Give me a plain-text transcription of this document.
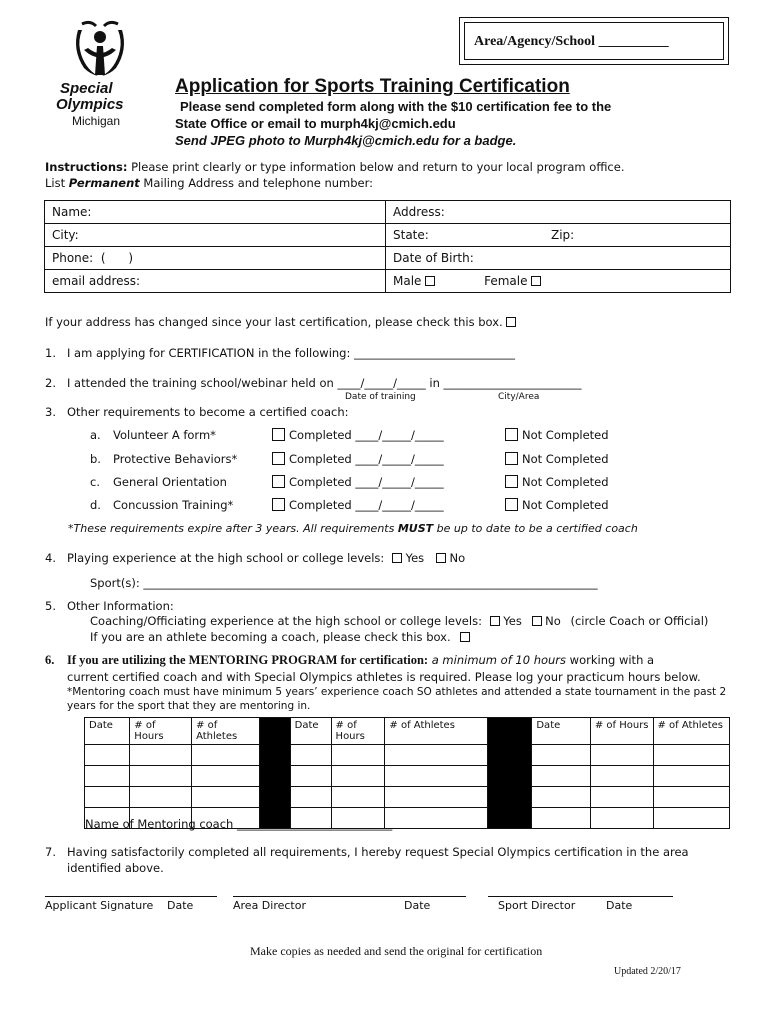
Area/Agency/School __________
Special
Olympics
Michigan
Application for Sports Training Certification
Please send completed form along with the $10 certification fee to the
State Office or email to murph4kj@cmich.edu
Send JPEG photo to Murph4kj@cmich.edu for a badge.
Instructions: Please print clearly or type information below and return to your local program office.
List Permanent Mailing Address and telephone number:
Name:	Address:
City:	State: Zip:

Phone:  (      )	Date of Birth:
email address:	Male Female
If your address has changed since your last certification, please check this box.
1. I am applying for CERTIFICATION in the following: ____________________________
2. I attended the training school/webinar held on ____/_____/_____ in ________________________
Date of training	City/Area
3. Other requirements to become a certified coach:
a. Volunteer A form*	Completed ____/_____/_____	Not Completed
b. Protective Behaviors*	Completed ____/_____/_____	Not Completed
c. General Orientation	Completed ____/_____/_____	Not Completed
d. Concussion Training*	Completed ____/_____/_____	Not Completed
*These requirements expire after 3 years. All requirements MUST be up to date to be a certified coach
4. Playing experience at the high school or college levels: Yes No
Sport(s): _______________________________________________________________________________
5. Other Information:
Coaching/Officiating experience at the high school or college levels: Yes No (circle Coach or Official)
If you are an athlete becoming a coach, please check this box.
6. If you are utilizing the MENTORING PROGRAM for certification: a minimum of 10 hours working with a
current certified coach and with Special Olympics athletes is required. Please log your practicum hours below.
*Mentoring coach must have minimum 5 years’ experience coach SO athletes and attended a state tournament in the past 2
years for the sport that they are mentoring in.
Date	# of Hours	# of Athletes		Date	# of Hours	# of Athletes		Date	# of Hours	# of Athletes

Name of Mentoring coach ___________________________
7. Having satisfactorily completed all requirements, I hereby request Special Olympics certification in the area
identified above.
Applicant Signature Date	Area Director	Date	Sport Director	Date
Make copies as needed and send the original for certification
Updated 2/20/17
